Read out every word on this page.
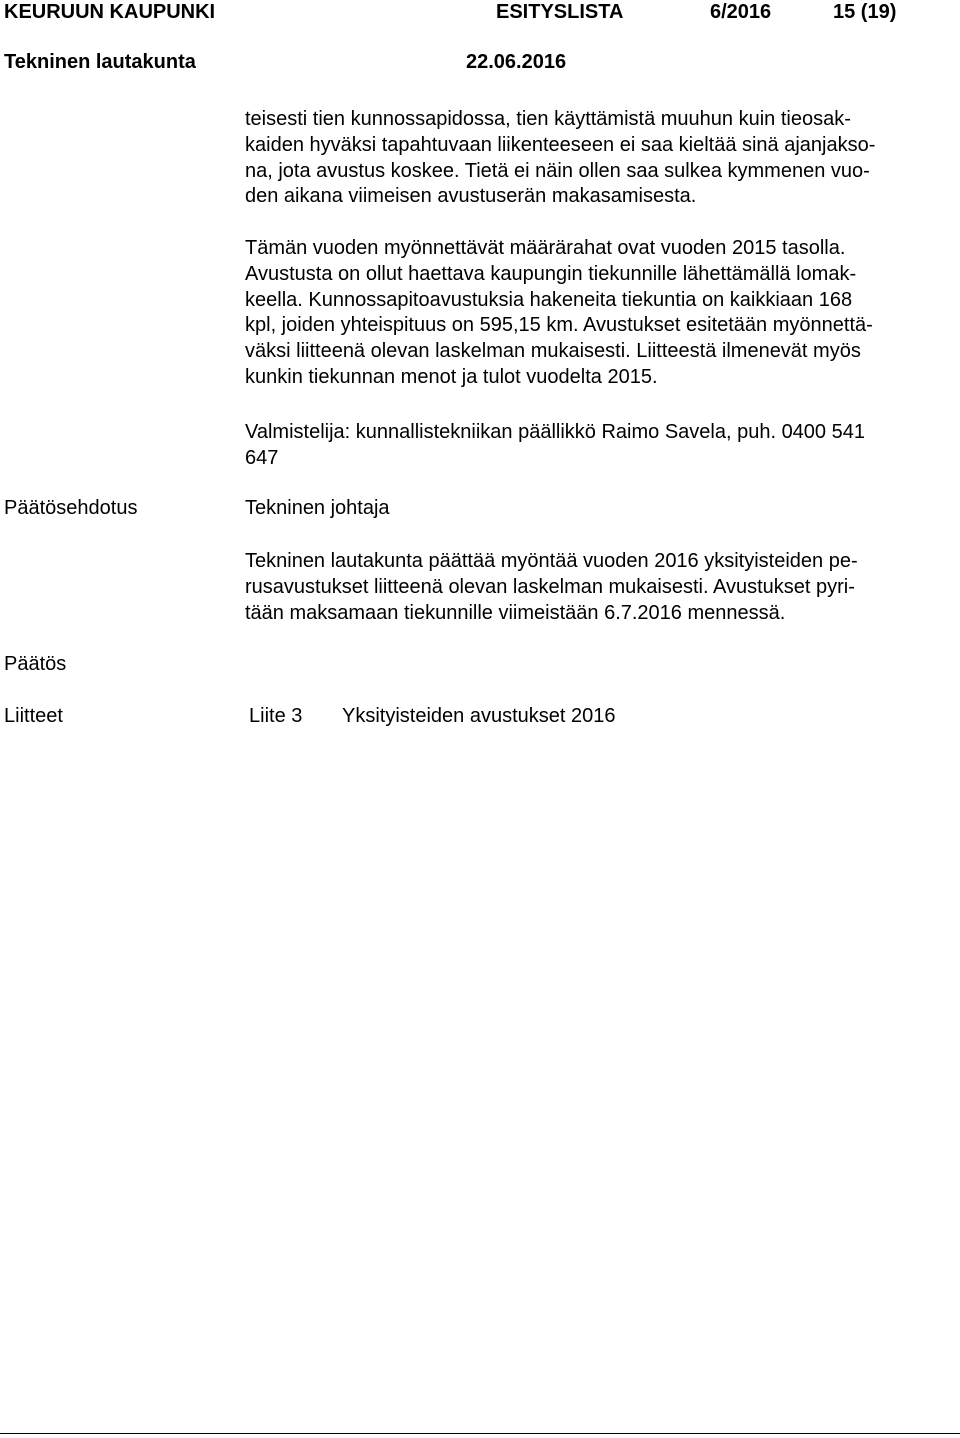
KEURUUN KAUPUNKI	ESITYSLISTA	6/2016	15 (19)
Tekninen lautakunta	22.06.2016
teisesti tien kunnossapidossa, tien käyttämistä muuhun kuin tieosak-
kaiden hyväksi tapahtuvaan liikenteeseen ei saa kieltää sinä ajanjakso-
na, jota avustus koskee. Tietä ei näin ollen saa sulkea kymmenen vuo-
den aikana viimeisen avustuserän makasamisesta.
Tämän vuoden myönnettävät määrärahat ovat vuoden 2015 tasolla.
Avustusta on ollut haettava kaupungin tiekunnille lähettämällä lomak-
keella. Kunnossapitoavustuksia hakeneita tiekuntia on kaikkiaan 168
kpl, joiden yhteispituus on 595,15 km. Avustukset esitetään myönnettä-
väksi liitteenä olevan laskelman mukaisesti. Liitteestä ilmenevät myös
kunkin tiekunnan menot ja tulot vuodelta 2015.
Valmistelija: kunnallistekniikan päällikkö Raimo Savela, puh. 0400 541
647
Päätösehdotus	Tekninen johtaja
Tekninen lautakunta päättää myöntää vuoden 2016 yksityisteiden pe-
rusavustukset liitteenä olevan laskelman mukaisesti. Avustukset pyri-
tään maksamaan tiekunnille viimeistään 6.7.2016 mennessä.
Päätös
Liitteet	Liite 3 Yksityisteiden avustukset 2016
